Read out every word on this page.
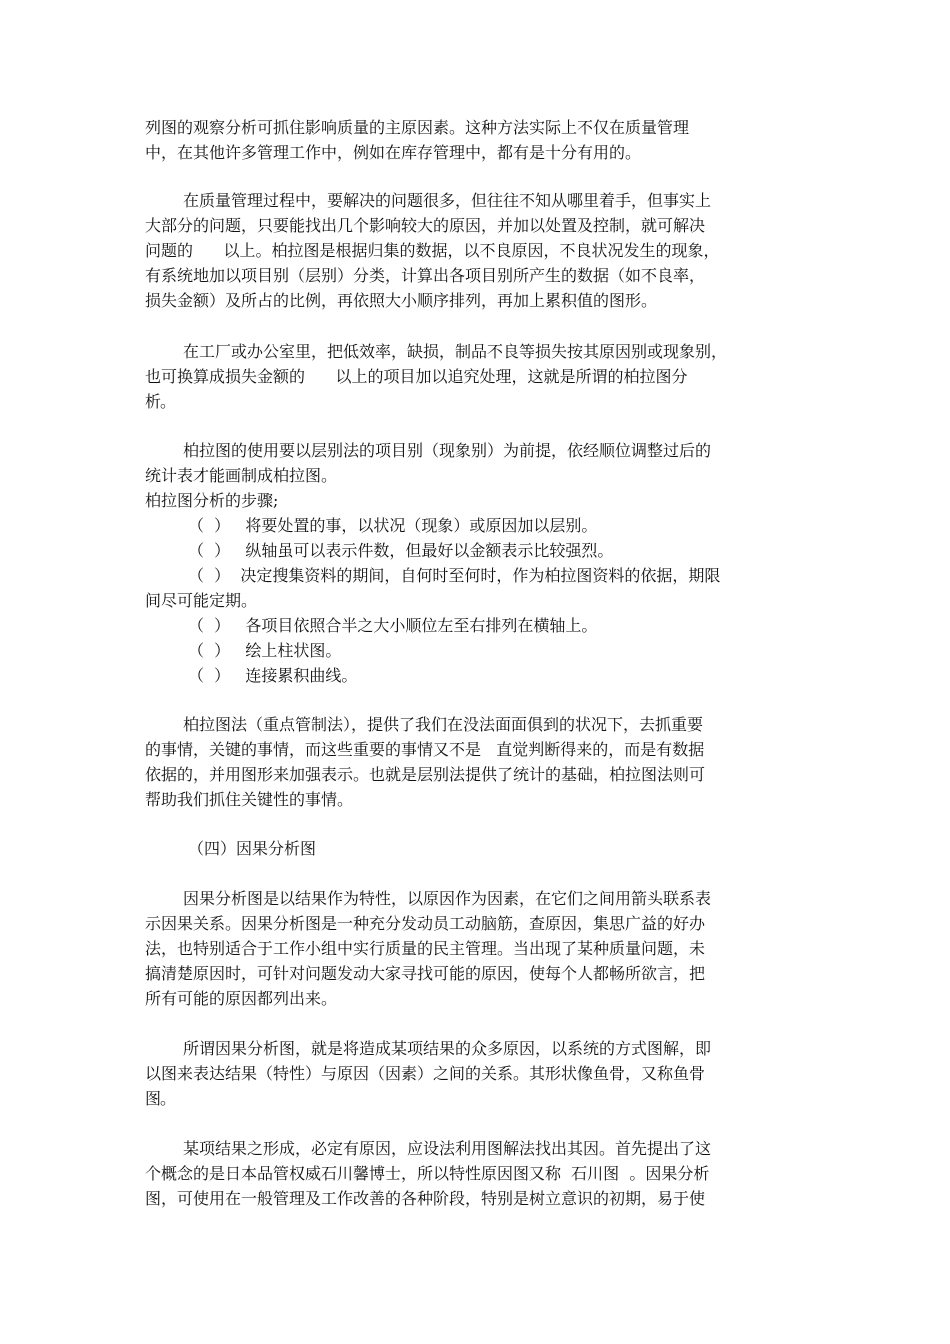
列图的观察分析可抓住影响质量的主原因素。这种方法实际上不仅在质量管理
中，在其他许多管理工作中，例如在库存管理中，都有是十分有用的。
在质量管理过程中，要解决的问题很多，但往往不知从哪里着手，但事实上
大部分的问题，只要能找出几个影响较大的原因，并加以处置及控制，就可解决
问题的      以上。柏拉图是根据归集的数据，以不良原因，不良状况发生的现象，
有系统地加以项目别（层别）分类，计算出各项目别所产生的数据（如不良率，
损失金额）及所占的比例，再依照大小顺序排列，再加上累积值的图形。
在工厂或办公室里，把低效率，缺损，制品不良等损失按其原因别或现象别，
也可换算成损失金额的      以上的项目加以追究处理，这就是所谓的柏拉图分
析。
柏拉图的使用要以层别法的项目别（现象别）为前提，依经顺位调整过后的
统计表才能画制成柏拉图。
柏拉图分析的步骤;
（  ）   将要处置的事，以状况（现象）或原因加以层别。
（  ）   纵轴虽可以表示件数，但最好以金额表示比较强烈。
（  ）  决定搜集资料的期间，自何时至何时，作为柏拉图资料的依据，期限
间尽可能定期。
（  ）   各项目依照合半之大小顺位左至右排列在横轴上。
（  ）   绘上柱状图。
（  ）   连接累积曲线。
柏拉图法（重点管制法），提供了我们在没法面面俱到的状况下，去抓重要
的事情，关键的事情，而这些重要的事情又不是   直觉判断得来的，而是有数据
依据的，并用图形来加强表示。也就是层别法提供了统计的基础，柏拉图法则可
帮助我们抓住关键性的事情。
（四）因果分析图
因果分析图是以结果作为特性，以原因作为因素，在它们之间用箭头联系表
示因果关系。因果分析图是一种充分发动员工动脑筋，查原因，集思广益的好办
法，也特别适合于工作小组中实行质量的民主管理。当出现了某种质量问题，未
搞清楚原因时，可针对问题发动大家寻找可能的原因，使每个人都畅所欲言，把
所有可能的原因都列出来。
所谓因果分析图，就是将造成某项结果的众多原因，以系统的方式图解，即
以图来表达结果（特性）与原因（因素）之间的关系。其形状像鱼骨，又称鱼骨
图。
某项结果之形成，必定有原因，应设法利用图解法找出其因。首先提出了这
个概念的是日本品管权威石川馨博士，所以特性原因图又称  石川图  。因果分析
图，可使用在一般管理及工作改善的各种阶段，特别是树立意识的初期，易于使
